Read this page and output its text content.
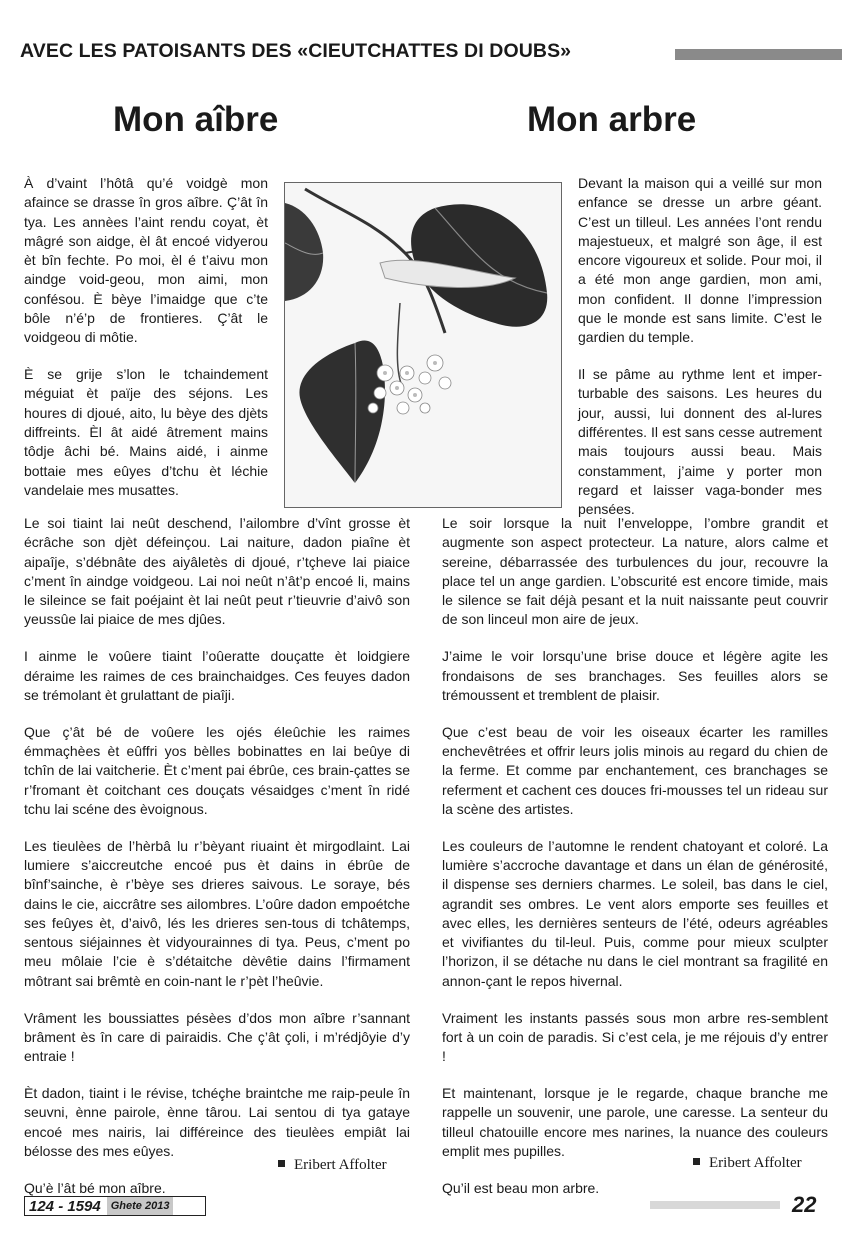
AVEC LES PATOISANTS DES «CIEUTCHATTES DI DOUBS»
Mon aîbre	Mon arbre

À d’vaint l’hôtâ qu’é voidgè mon afaince se drasse în gros aîbre. Ç’ât în tya. Les annèes l’aint rendu coyat, èt mâgré son aidge, èl ât encoé vidyerou èt bîn fechte. Po moi, èl é t’aivu mon aindge void-geou, mon aimi, mon confésou. È bèye l’imaidge que c’te bôle n’é’p de frontieres. Ç’ât le voidgeou di môtie.

È se grije s’lon le tchaindement méguiat èt païje des séjons. Les houres di djoué, aito, lu bèye des djèts diffreints. Èl ât aidé âtrement mains tôdje âchi bé. Mains aidé, i ainme bottaie mes eûyes d’tchu èt léchie vandelaie mes musattes.

Le soi tiaint lai neût deschend, l’ailombre d’vînt grosse èt écrâche son djèt défeinçou. Lai naiture, dadon piaîne èt aipaîje, s’débnâte des aiyâletès di djoué, r’tçheve lai piaice c’ment în aindge voidgeou. Lai noi neût n’ât’p encoé li, mains le sileince se fait poéjaint èt lai neût peut r’tieuvrie d’aivô son yeussûe lai piaice de mes djûes.

I ainme le voûere tiaint l’oûeratte douçatte èt loidgiere déraime les raimes de ces brainchaidges. Ces feuyes dadon se trémolant èt grulattant de piaîji.

Que ç’ât bé de voûere les ojés éleûchie les raimes émmaçhèes èt eûffri yos bèlles bobinattes en lai beûye di tchîn de lai vaitcherie. Èt c’ment pai ébrûe, ces brain-çattes se r’fromant èt coitchant ces douçats vésaidges c’ment în ridé tchu lai scéne des èvoignous.

Les tieulèes de l’hèrbâ lu r’bèyant riuaint èt mirgodlaint. Lai lumiere s’aiccreutche encoé pus èt dains in ébrûe de bînf’sainche, è r’bèye ses drieres saivous. Le soraye, bés dains le cie, aiccrâtre ses ailombres. L’oûre dadon empoétche ses feûyes èt, d’aivô, lés les drieres sen-tous di tchâtemps, sentous siéjainnes èt vidyourainnes di tya. Peus, c’ment po meu môlaie l’cie è s’détaitche dèvêtie dains l’firmament môtrant sai brêmtè en coin-nant le r’pèt l’heûvie.

Vrâment les boussiattes pésèes d’dos mon aîbre r’sannant brâment ès în care di pairaidis. Che ç’ât çoli, i m’rédjôyie d’y entraie !

Èt dadon, tiaint i le révise, tchéçhe braintche me raip-peule în seuvni, ènne pairole, ènne târou. Lai sentou di tya gataye encoé mes nairis, lai différeince des tieulèes empiât lai bélosse des mes eûyes.

Qu’è l’ât bé mon aîbre.

Devant la maison qui a veillé sur mon enfance se dresse un arbre géant. C’est un tilleul. Les années l’ont rendu majestueux, et malgré son âge, il est encore vigoureux et solide. Pour moi, il a été mon ange gardien, mon ami, mon confident. Il donne l’impression que le monde est sans limite. C’est le gardien du temple.

Il se pâme au rythme lent et imper-turbable des saisons. Les heures du jour, aussi, lui donnent des al-lures différentes. Il est sans cesse autrement mais toujours aussi beau. Mais constamment, j’aime y porter mon regard et laisser vaga-bonder mes pensées.

Le soir lorsque la nuit l’enveloppe, l’ombre grandit et augmente son aspect protecteur. La nature, alors calme et sereine, débarrassée des turbulences du jour, recouvre la place tel un ange gardien. L’obscurité est encore timide, mais le silence se fait déjà pesant et la nuit naissante peut couvrir de son linceul mon aire de jeux.

J’aime le voir lorsqu’une brise douce et légère agite les frondaisons de ses branchages. Ses feuilles alors se trémoussent et tremblent de plaisir.

Que c’est beau de voir les oiseaux écarter les ramilles enchevêtrées et offrir leurs jolis minois au regard du chien de la ferme. Et comme par enchantement, ces branchages se referment et cachent ces douces fri-mousses tel un rideau sur la scène des artistes.

Les couleurs de l’automne le rendent chatoyant et coloré. La lumière s’accroche davantage et dans un élan de générosité, il dispense ses derniers charmes. Le soleil, bas dans le ciel, agrandit ses ombres. Le vent alors emporte ses feuilles et avec elles, les dernières senteurs de l’été, odeurs agréables et vivifiantes du til-leul. Puis, comme pour mieux sculpter l’horizon, il se détache nu dans le ciel montrant sa fragilité en annon-çant le repos hivernal.

Vraiment les instants passés sous mon arbre res-semblent fort à un coin de paradis. Si c’est cela, je me réjouis d’y entrer !

Et maintenant, lorsque je le regarde, chaque branche me rappelle un souvenir, une parole, une caresse. La senteur du tilleul chatouille encore mes narines, la nuance des couleurs emplit mes pupilles.

Qu’il est beau mon arbre.

Eribert Affolter	Eribert Affolter
124 - 1594 Ghete 2013	22
